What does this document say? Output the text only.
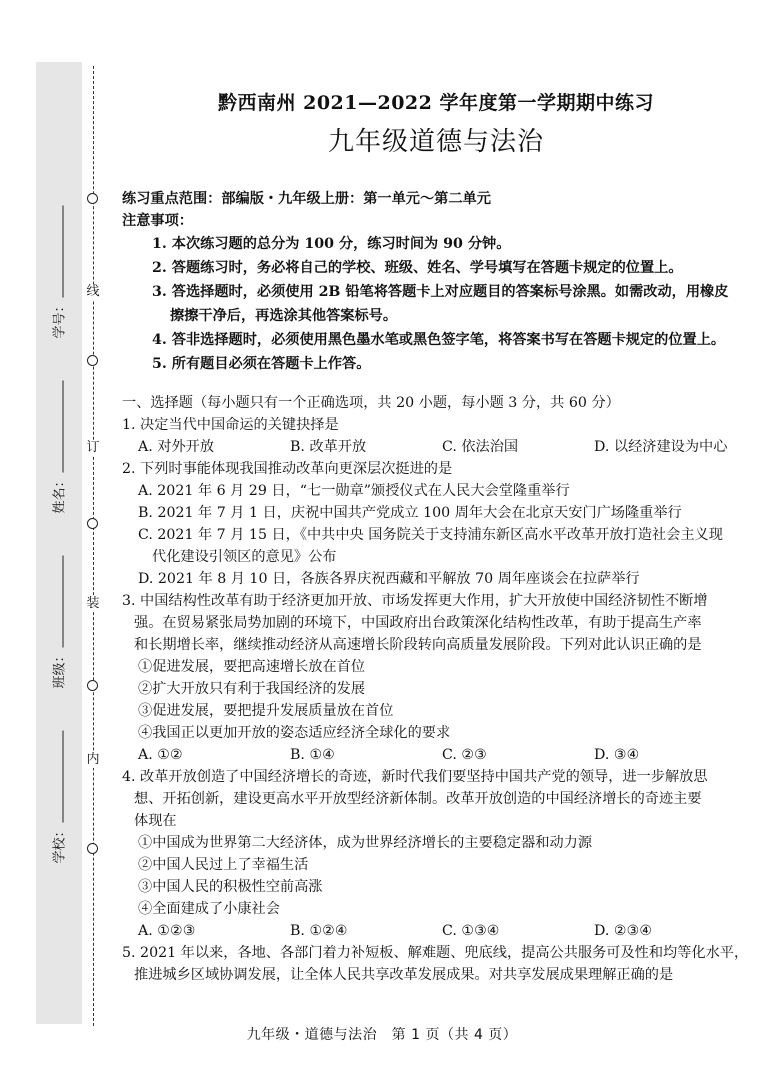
线
订
装
内
学号：
姓名：
班级：
学校：
黔西南州 2021—2022 学年度第一学期期中练习
九年级道德与法治
练习重点范围：部编版・九年级上册：第一单元～第二单元
注意事项：
1. 本次练习题的总分为 100 分，练习时间为 90 分钟。
2. 答题练习时，务必将自己的学校、班级、姓名、学号填写在答题卡规定的位置上。
3. 答选择题时，必须使用 2B 铅笔将答题卡上对应题目的答案标号涂黑。如需改动，用橡皮
擦擦干净后，再选涂其他答案标号。
4. 答非选择题时，必须使用黑色墨水笔或黑色签字笔，将答案书写在答题卡规定的位置上。
5. 所有题目必须在答题卡上作答。
一、选择题（每小题只有一个正确选项，共 20 小题，每小题 3 分，共 60 分）
1. 决定当代中国命运的关键抉择是
A. 对外开放	B. 改革开放	C. 依法治国	D. 以经济建设为中心
2. 下列时事能体现我国推动改革向更深层次挺进的是
A. 2021 年 6 月 29 日，“七一勋章”颁授仪式在人民大会堂隆重举行
B. 2021 年 7 月 1 日，庆祝中国共产党成立 100 周年大会在北京天安门广场隆重举行
C. 2021 年 7 月 15 日，《中共中央 国务院关于支持浦东新区高水平改革开放打造社会主义现
代化建设引领区的意见》公布
D. 2021 年 8 月 10 日，各族各界庆祝西藏和平解放 70 周年座谈会在拉萨举行
3. 中国结构性改革有助于经济更加开放、市场发挥更大作用，扩大开放使中国经济韧性不断增
强。在贸易紧张局势加剧的环境下，中国政府出台政策深化结构性改革，有助于提高生产率
和长期增长率，继续推动经济从高速增长阶段转向高质量发展阶段。下列对此认识正确的是
①促进发展，要把高速增长放在首位
②扩大开放只有利于我国经济的发展
③促进发展，要把提升发展质量放在首位
④我国正以更加开放的姿态适应经济全球化的要求
A. ①②	B. ①④	C. ②③	D. ③④
4. 改革开放创造了中国经济增长的奇迹，新时代我们要坚持中国共产党的领导，进一步解放思
想、开拓创新，建设更高水平开放型经济新体制。改革开放创造的中国经济增长的奇迹主要
体现在
①中国成为世界第二大经济体，成为世界经济增长的主要稳定器和动力源
②中国人民过上了幸福生活
③中国人民的积极性空前高涨
④全面建成了小康社会
A. ①②③	B. ①②④	C. ①③④	D. ②③④
5. 2021 年以来，各地、各部门着力补短板、解难题、兜底线，提高公共服务可及性和均等化水平，
推进城乡区域协调发展，让全体人民共享改革发展成果。对共享发展成果理解正确的是
九年级・道德与法治　第 1 页（共 4 页）
